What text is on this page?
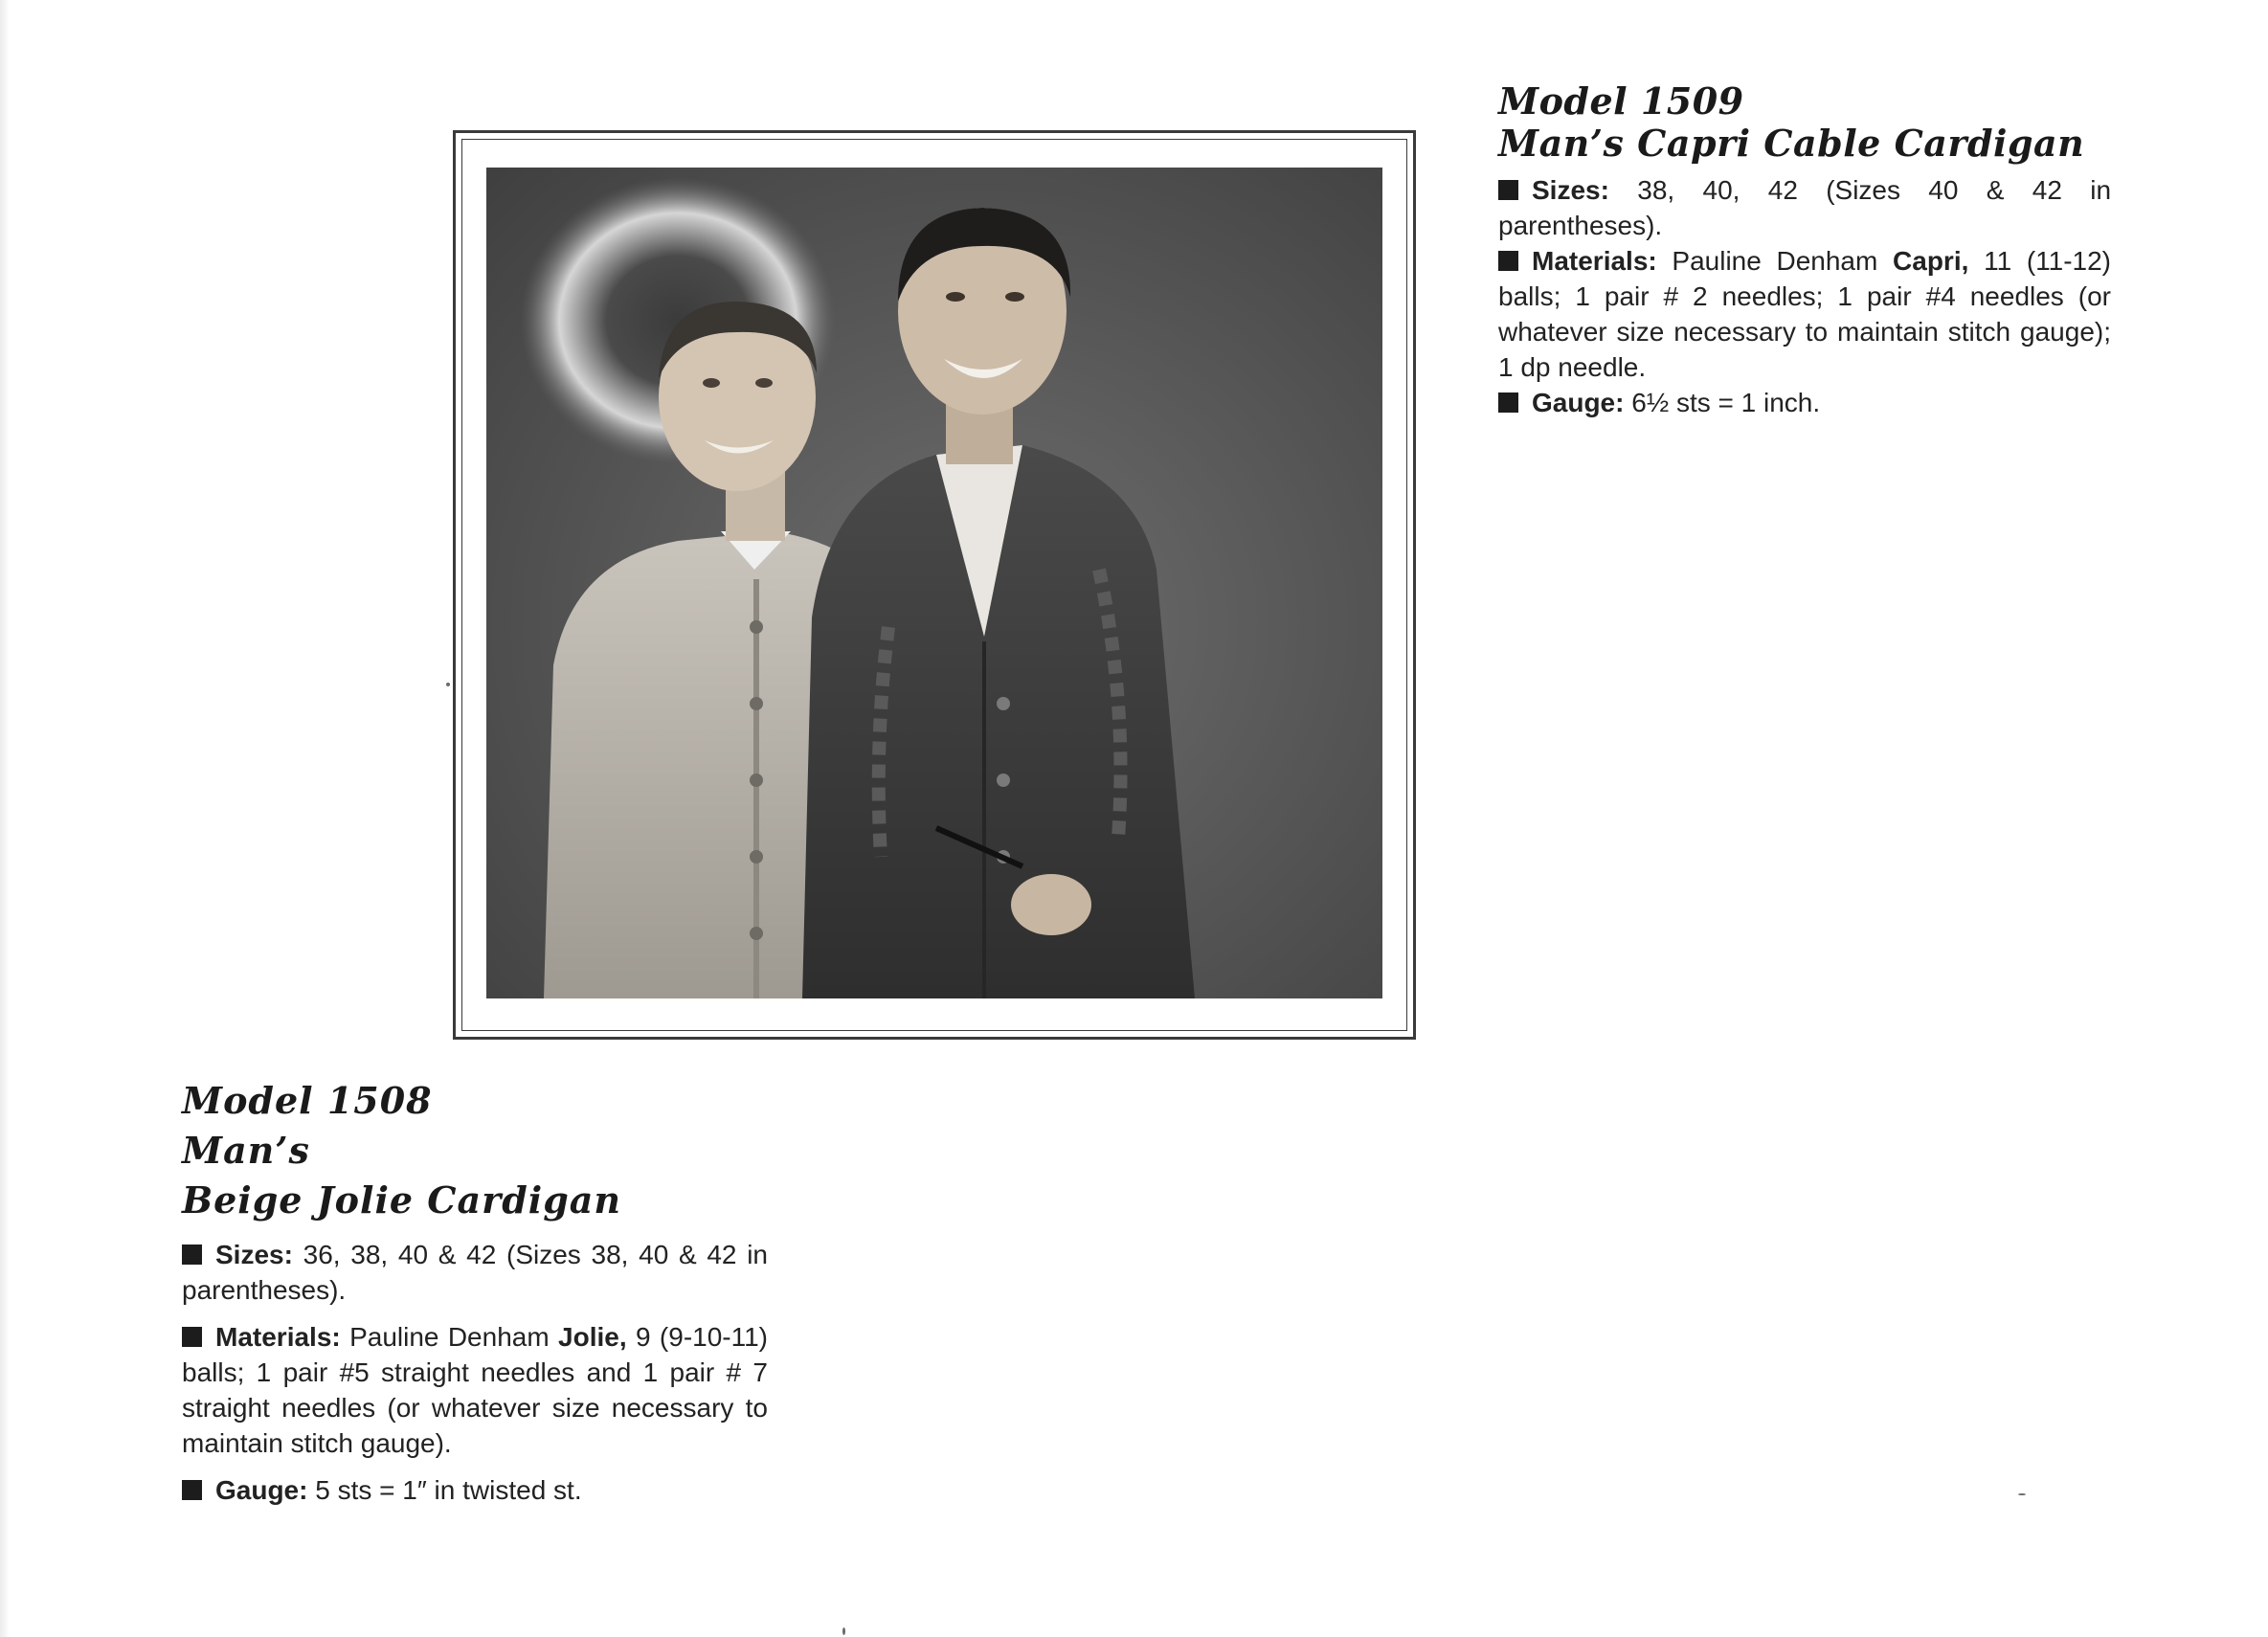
Model 1509

Man’s Capri Cable Cardigan

Sizes: 38, 40, 42 (Sizes 40 & 42 in parentheses).

Materials: Pauline Denham Capri, 11 (11-12) balls; 1 pair # 2 needles; 1 pair #4 needles (or whatever size necessary to maintain stitch gauge); 1 dp needle.

Gauge: 6½ sts = 1 inch.

Model 1508

Man’s

Beige Jolie Cardigan

Sizes: 36, 38, 40 & 42 (Sizes 38, 40 & 42 in parentheses).

Materials: Pauline Denham Jolie, 9 (9-10-11) balls; 1 pair #5 straight needles and 1 pair # 7 straight needles (or whatever size necessary to maintain stitch gauge).

Gauge: 5 sts = 1″ in twisted st.
